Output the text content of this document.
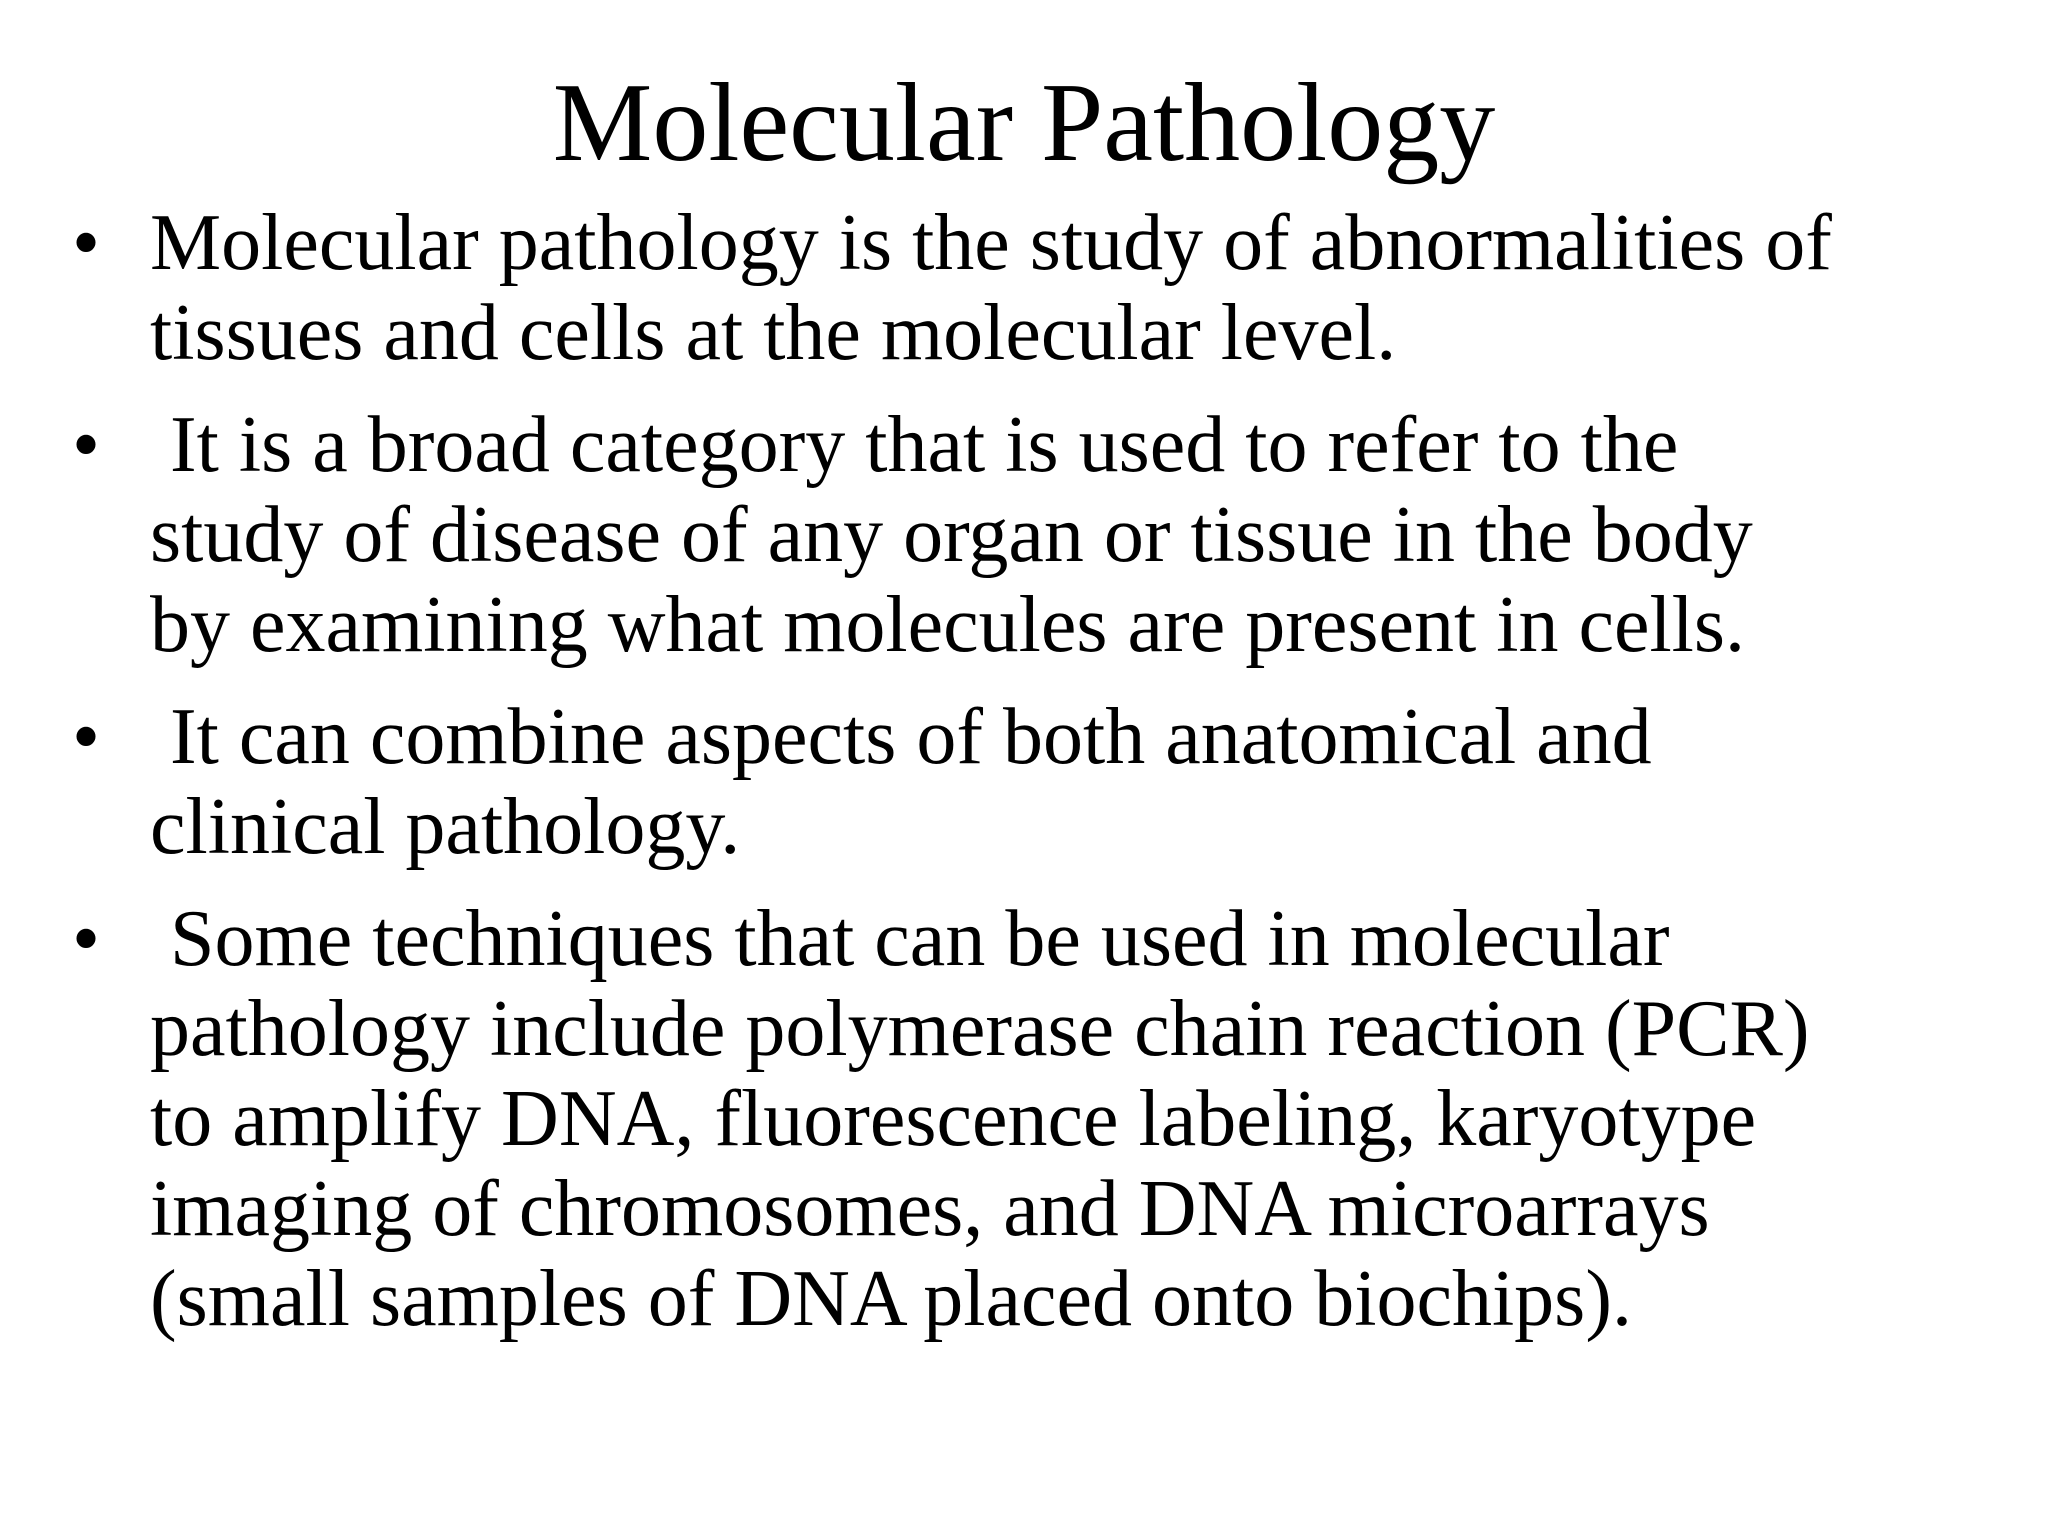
Molecular Pathology
• Molecular pathology is the study of abnormalities of
tissues and cells at the molecular level.
• It is a broad category that is used to refer to the
study of disease of any organ or tissue in the body
by examining what molecules are present in cells.
• It can combine aspects of both anatomical and
clinical pathology.
• Some techniques that can be used in molecular
pathology include polymerase chain reaction (PCR)
to amplify DNA, fluorescence labeling, karyotype
imaging of chromosomes, and DNA microarrays
(small samples of DNA placed onto biochips).
